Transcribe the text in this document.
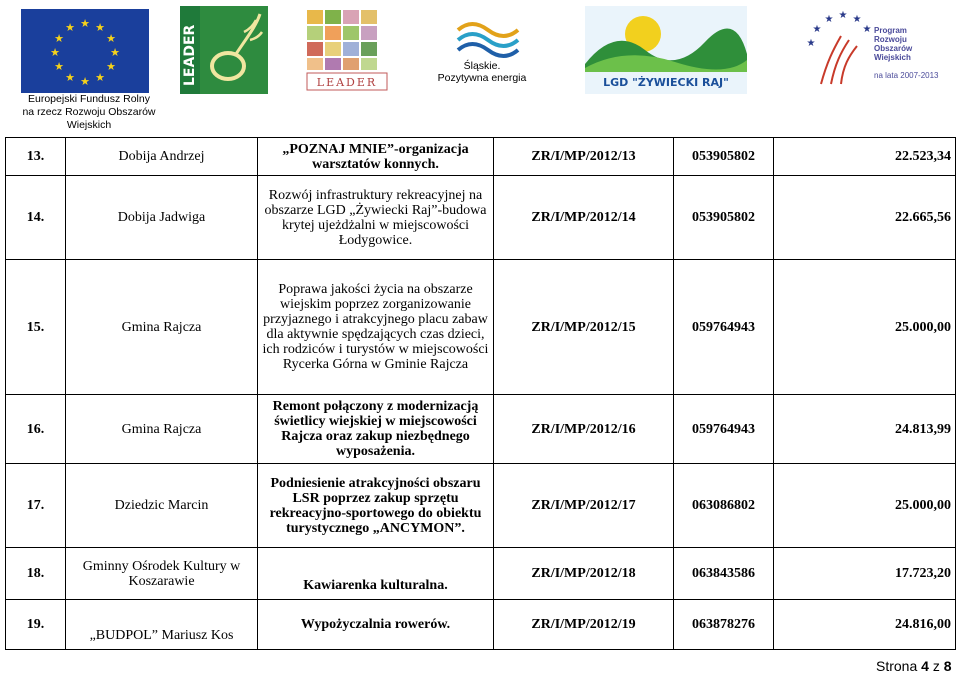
★ ★
★
★
★
★
★
★
★
★
★
★
Europejski Fundusz Rolny
na rzecz Rozwoju Obszarów Wiejskich
LEADER	LEADER
Śląskie.
Pozytywna energia	LGD "ŻYWIECKI RAJ"
★
★
★ ★ ★
★ Program
Rozwoju
Obszarów
Wiejskich
na lata 2007-2013
13.	Dobija Andrzej	„POZNAJ MNIE”-organizacja warsztatów konnych.	ZR/I/MP/2012/13	053905802	22.523,34
14.	Dobija Jadwiga	Rozwój infrastruktury rekreacyjnej na obszarze LGD „Żywiecki Raj”-budowa krytej ujeżdżalni w miejscowości Łodygowice.	ZR/I/MP/2012/14	053905802	22.665,56
15.	Gmina Rajcza	Poprawa jakości życia na obszarze wiejskim poprzez zorganizowanie przyjaznego i atrakcyjnego placu zabaw dla aktywnie spędzających czas dzieci, ich rodziców i turystów w miejscowości Rycerka Górna w Gminie Rajcza	ZR/I/MP/2012/15	059764943	25.000,00
16.	Gmina Rajcza	Remont połączony z modernizacją świetlicy wiejskiej w miejscowości Rajcza oraz zakup niezbędnego wyposażenia.	ZR/I/MP/2012/16	059764943	24.813,99
17.	Dziedzic Marcin	Podniesienie atrakcyjności obszaru LSR poprzez zakup sprzętu rekreacyjno-sportowego do obiektu turystycznego „ANCYMON”.	ZR/I/MP/2012/17	063086802	25.000,00
18.	Gminny Ośrodek Kultury w Koszarawie	Kawiarenka kulturalna.	ZR/I/MP/2012/18	063843586	17.723,20
19.	„BUDPOL” Mariusz Kos	Wypożyczalnia rowerów.	ZR/I/MP/2012/19	063878276	24.816,00
Strona 4 z 8
